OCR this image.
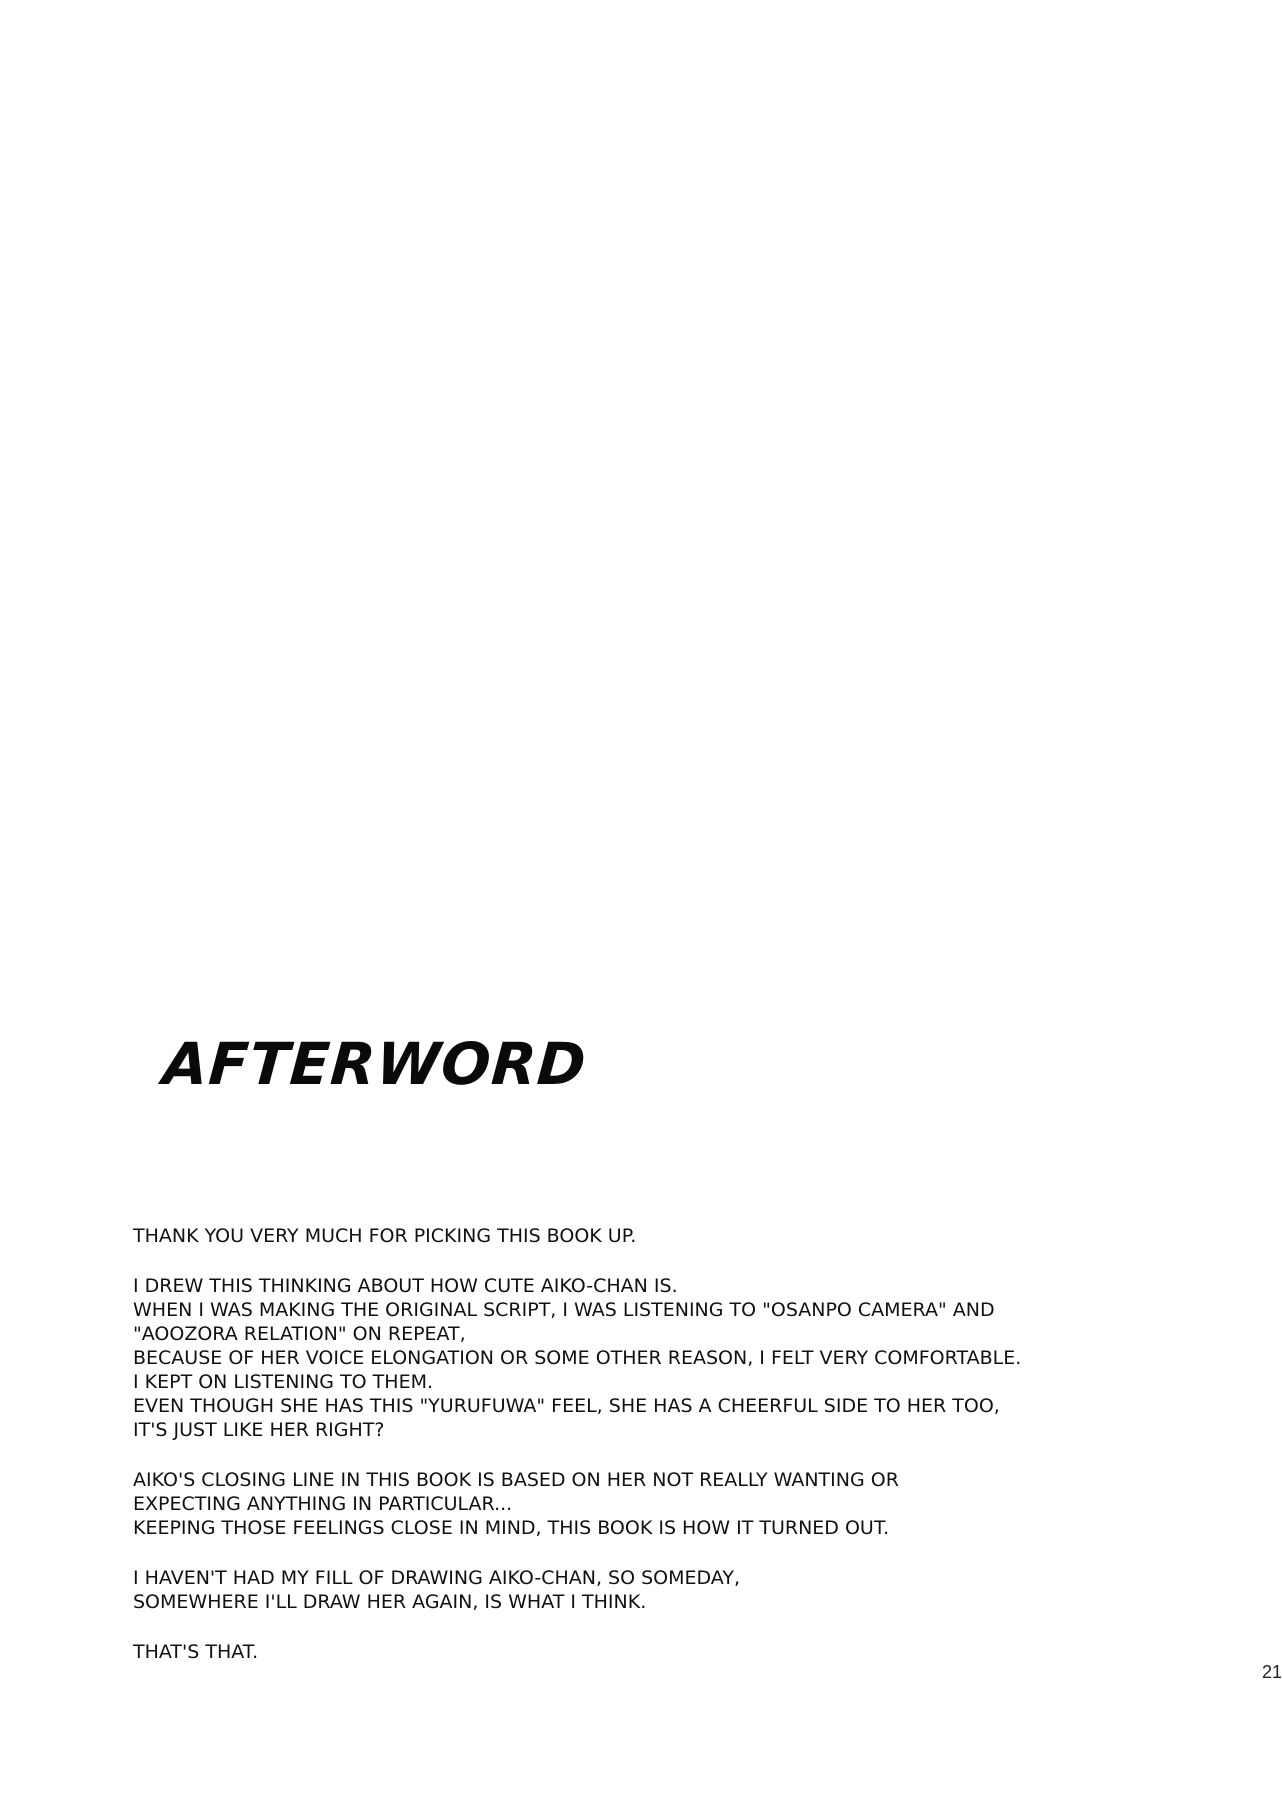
AFTERWORD

THANK YOU VERY MUCH FOR PICKING THIS BOOK UP.

I DREW THIS THINKING ABOUT HOW CUTE AIKO-CHAN IS.
WHEN I WAS MAKING THE ORIGINAL SCRIPT, I WAS LISTENING TO "OSANPO CAMERA" AND
"AOOZORA RELATION" ON REPEAT,
BECAUSE OF HER VOICE ELONGATION OR SOME OTHER REASON, I FELT VERY COMFORTABLE.
I KEPT ON LISTENING TO THEM.
EVEN THOUGH SHE HAS THIS "YURUFUWA" FEEL, SHE HAS A CHEERFUL SIDE TO HER TOO,
IT'S JUST LIKE HER RIGHT?

AIKO'S CLOSING LINE IN THIS BOOK IS BASED ON HER NOT REALLY WANTING OR
EXPECTING ANYTHING IN PARTICULAR...
KEEPING THOSE FEELINGS CLOSE IN MIND, THIS BOOK IS HOW IT TURNED OUT.

I HAVEN'T HAD MY FILL OF DRAWING AIKO-CHAN, SO SOMEDAY,
SOMEWHERE I'LL DRAW HER AGAIN, IS WHAT I THINK.

THAT'S THAT.

21
